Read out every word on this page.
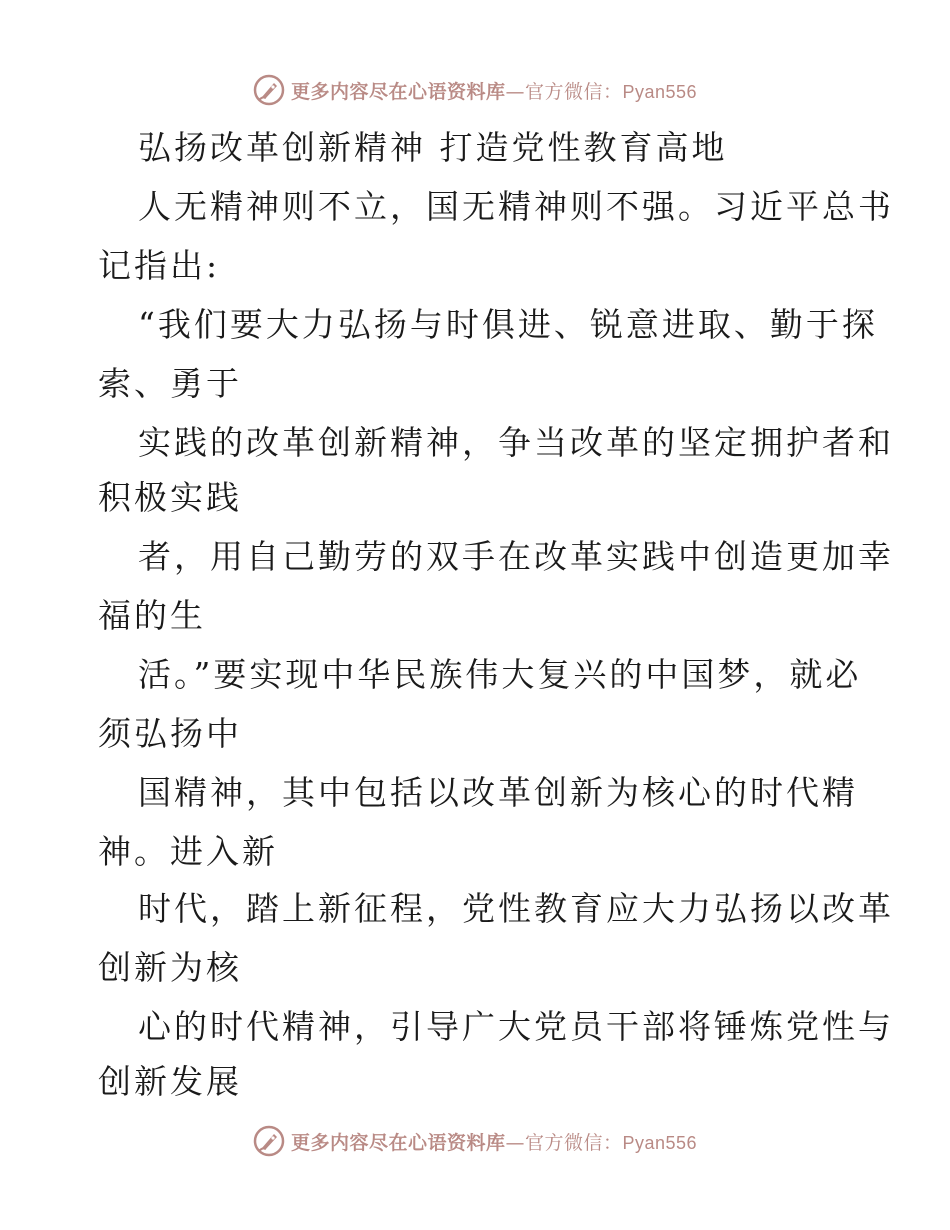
更多内容尽在心语资料库—官方微信：Pyan556
弘扬改革创新精神 打造党性教育高地
人无精神则不立，国无精神则不强。习近平总书
记指出:
“我们要大力弘扬与时俱进、锐意进取、勤于探
索、勇于
实践的改革创新精神，争当改革的坚定拥护者和
积极实践
者，用自己勤劳的双手在改革实践中创造更加幸
福的生
活。”要实现中华民族伟大复兴的中国梦，就必
须弘扬中
国精神，其中包括以改革创新为核心的时代精
神。进入新
时代，踏上新征程，党性教育应大力弘扬以改革
创新为核
心的时代精神，引导广大党员干部将锤炼党性与
创新发展
更多内容尽在心语资料库—官方微信：Pyan556
